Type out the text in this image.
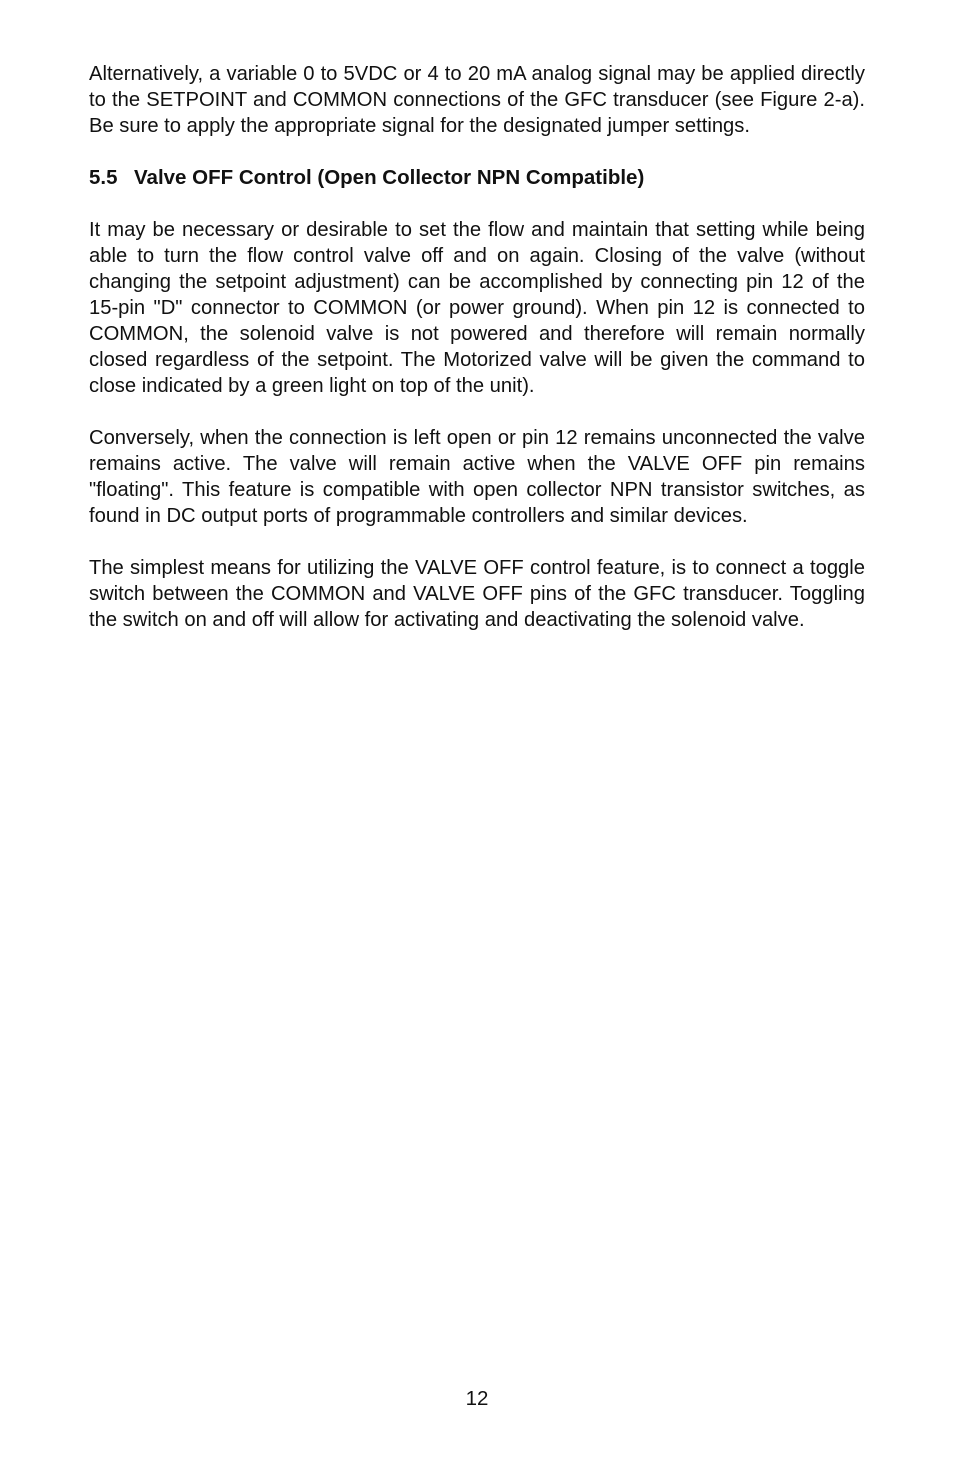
Alternatively, a variable 0 to 5VDC or 4 to 20 mA analog signal may be applied directly to the SETPOINT and COMMON connections of the GFC transducer (see Figure 2-a). Be sure to apply the appropriate signal for the designated jumper settings.

5.5 Valve OFF Control (Open Collector NPN Compatible)

It may be necessary or desirable to set the flow and maintain that setting while being able to turn the flow control valve off and on again. Closing of the valve (without changing the setpoint adjustment) can be accomplished by connecting pin 12 of the 15-pin "D" connector to COMMON (or power ground). When pin 12 is connected to COMMON, the solenoid valve is not powered and therefore will remain normally closed regardless of the setpoint. The Motorized valve will be given the command to close indicated by a green light on top of the unit).

Conversely, when the connection is left open or pin 12 remains unconnected the valve remains active. The valve will remain active when the VALVE OFF pin remains "floating". This feature is compatible with open collector NPN transistor switches, as found in DC output ports of programmable controllers and similar devices.

The simplest means for utilizing the VALVE OFF control feature, is to connect a toggle switch between the COMMON and VALVE OFF pins of the GFC transducer. Toggling the switch on and off will allow for activating and deactivating the solenoid valve.

12
